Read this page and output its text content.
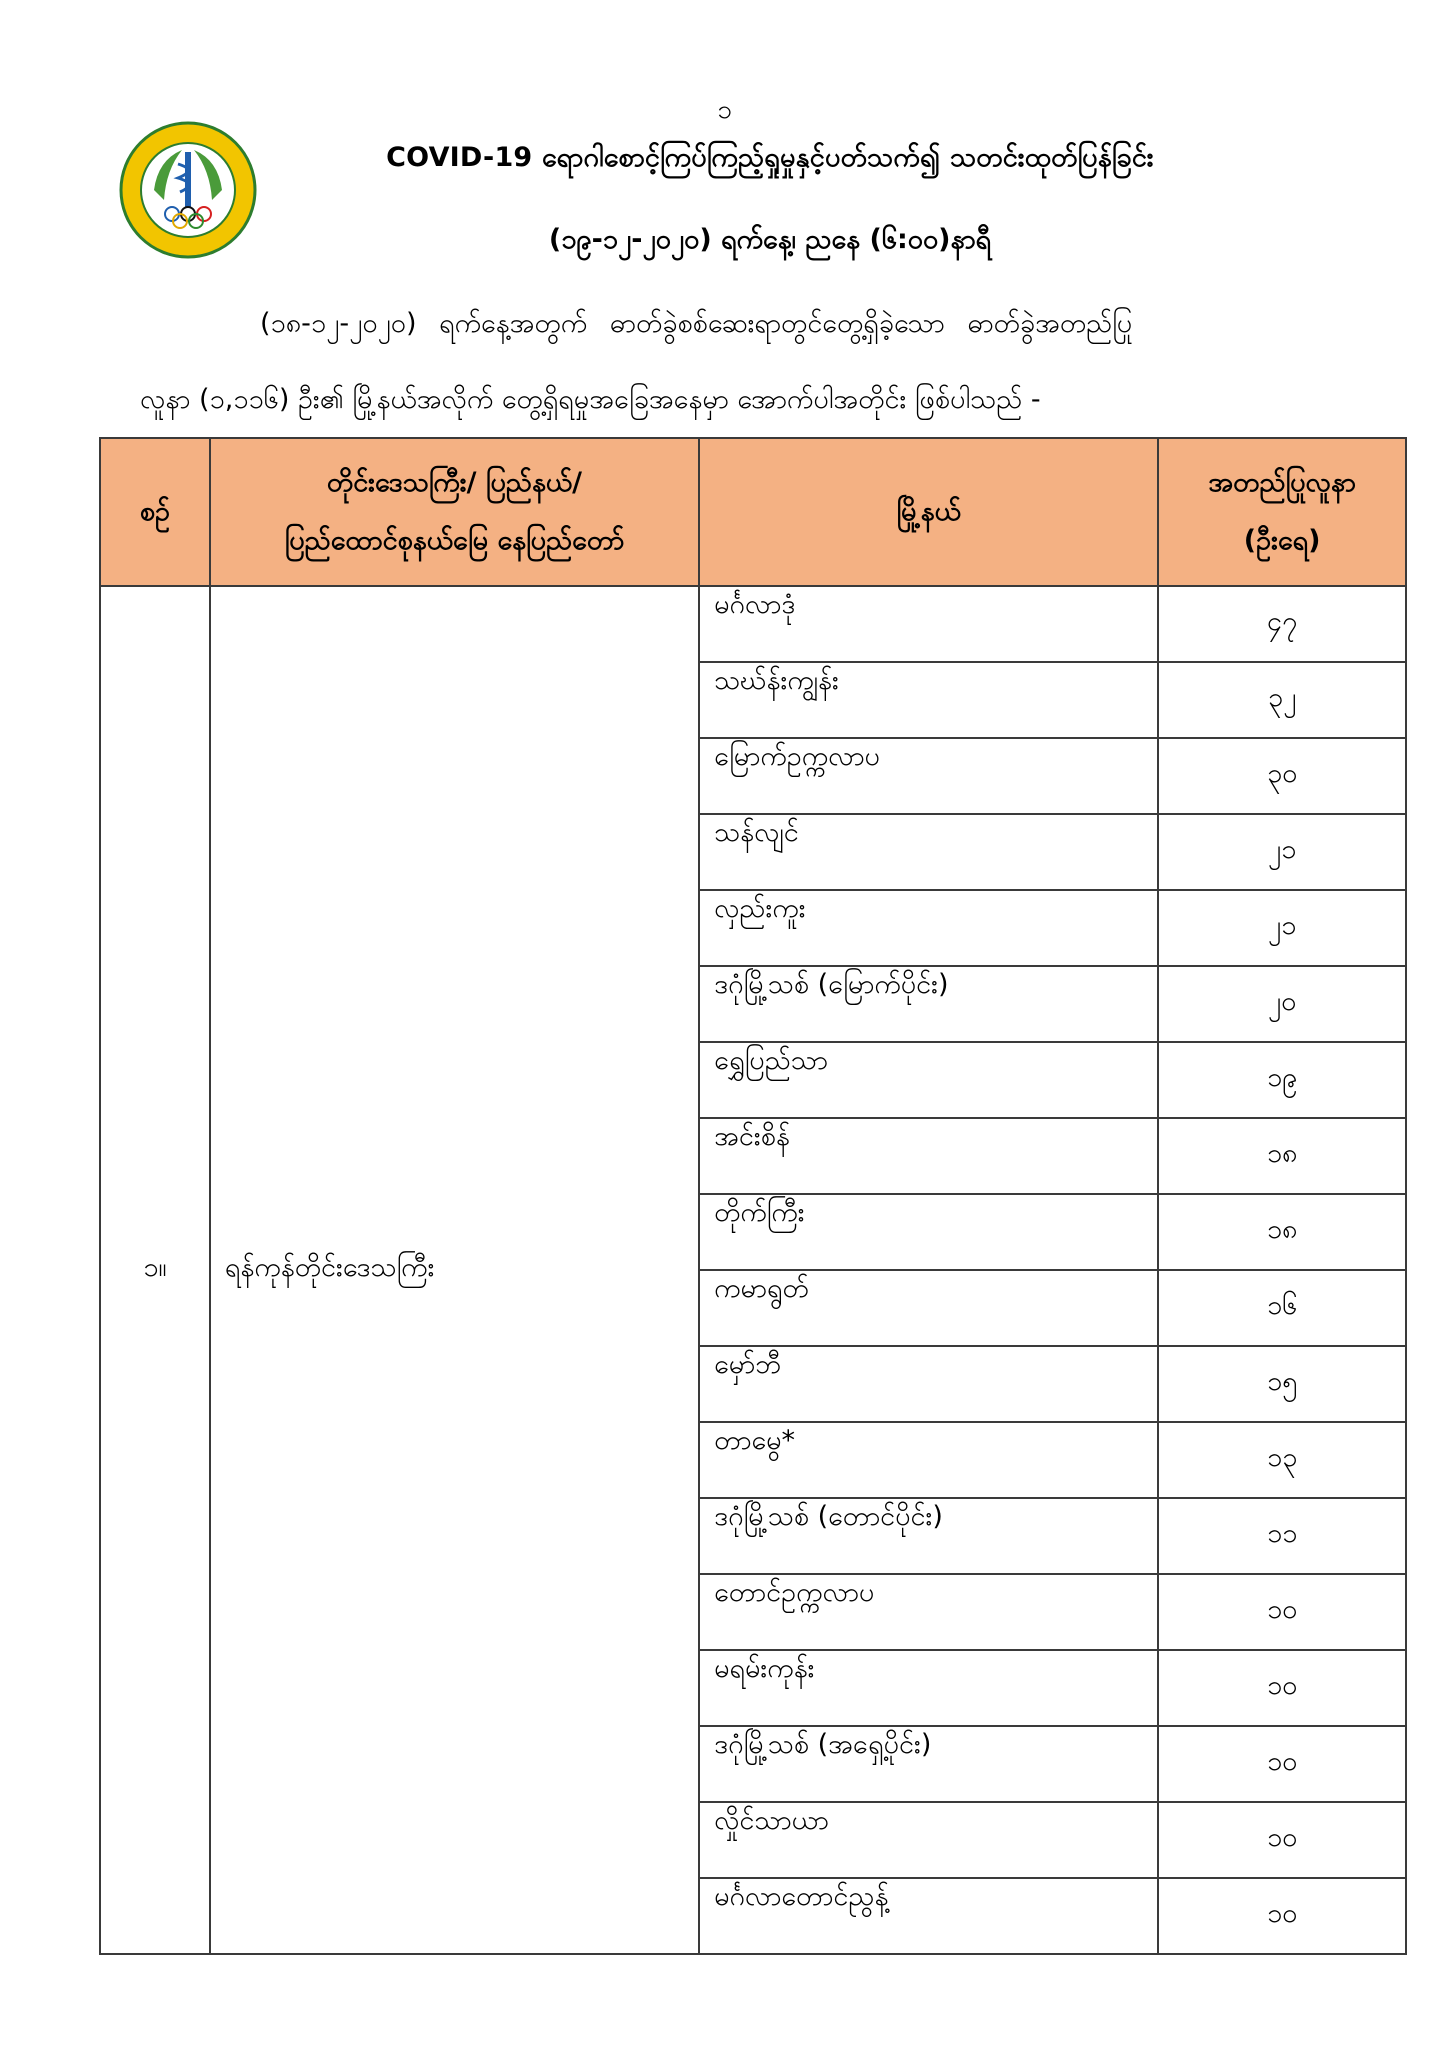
၁
COVID-19 ရောဂါစောင့်ကြပ်ကြည့်ရှုမှုနှင့်ပတ်သက်၍ သတင်းထုတ်ပြန်ခြင်း
(၁၉-၁၂-၂၀၂၀) ရက်နေ့၊ ညနေ (၆:၀၀)နာရီ
(၁၈-၁၂-၂၀၂၀) ရက်နေ့အတွက် ဓာတ်ခွဲစစ်ဆေးရာတွင်တွေ့ရှိခဲ့သော ဓာတ်ခွဲအတည်ပြု
လူနာ (၁,၁၁၆) ဦး၏ မြို့နယ်အလိုက် တွေ့ရှိရမှုအခြေအနေမှာ အောက်ပါအတိုင်း ဖြစ်ပါသည် -
စဉ်	တိုင်းဒေသကြီး/ ပြည်နယ်/
ပြည်ထောင်စုနယ်မြေ နေပြည်တော်	မြို့နယ်	အတည်ပြုလူနာ
(ဦးရေ)
၁။	ရန်ကုန်တိုင်းဒေသကြီး	မင်္ဂလာဒုံ	၄၇
		သဃ်န်းကျွန်း	၃၂
		မြောက်ဥက္ကလာပ	၃၀
		သန်လျင်	၂၁
		လှည်းကူး	၂၁
		ဒဂုံမြို့သစ် (မြောက်ပိုင်း)	၂၀
		ရွှေပြည်သာ	၁၉
		အင်းစိန်	၁၈
		တိုက်ကြီး	၁၈
		ကမာရွတ်	၁၆
		မှော်ဘီ	၁၅
		တာမွေ*	၁၃
		ဒဂုံမြို့သစ် (တောင်ပိုင်း)	၁၁
		တောင်ဥက္ကလာပ	၁၀
		မရမ်းကုန်း	၁၀
		ဒဂုံမြို့သစ် (အရှေ့ပိုင်း)	၁၀
		လှိုင်သာယာ	၁၀
		မင်္ဂလာတောင်ညွန့်	၁၀
